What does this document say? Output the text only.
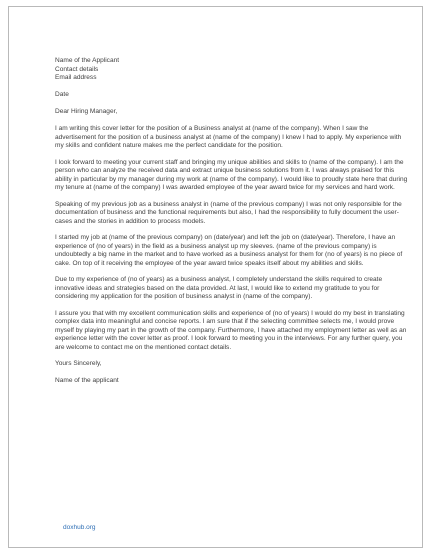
Name of the Applicant
Contact details
Email address
Date
Dear Hiring Manager,

I am writing this cover letter for the position of a Business analyst at (name of the company). When I saw the advertisement for the position of a business analyst at (name of the company) I knew I had to apply. My experience with my skills and confident nature makes me the perfect candidate for the position.

I look forward to meeting your current staff and bringing my unique abilities and skills to (name of the company). I am the person who can analyze the received data and extract unique business solutions from it. I was always praised for this ability in particular by my manager during my work at (name of the company). I would like to proudly state here that during my tenure at (name of the company) I was awarded employee of the year award twice for my services and hard work.

Speaking of my previous job as a business analyst in (name of the previous company) I was not only responsible for the documentation of business and the functional requirements but also, I had the responsibility to fully document the user-cases and the stories in addition to process models.

I started my job at (name of the previous company) on (date/year) and left the job on (date/year). Therefore, I have an experience of (no of years) in the field as a business analyst up my sleeves. (name of the previous company) is undoubtedly a big name in the market and to have worked as a business analyst for them for (no of years) is no piece of cake. On top of it receiving the employee of the year award twice speaks itself about my abilities and skills.

Due to my experience of (no of years) as a business analyst, I completely understand the skills required to create innovative ideas and strategies based on the data provided. At last, I would like to extend my gratitude to you for considering my application for the position of business analyst in (name of the company).

I assure you that with my excellent communication skills and experience of (no of years) I would do my best in translating complex data into meaningful and concise reports. I am sure that if the selecting committee selects me, I would prove myself by playing my part in the growth of the company. Furthermore, I have attached my employment letter as well as an experience letter with the cover letter as proof. I look forward to meeting you in the interviews. For any further query, you are welcome to contact me on the mentioned contact details.

Yours Sincerely,
Name of the applicant
doxhub.org
